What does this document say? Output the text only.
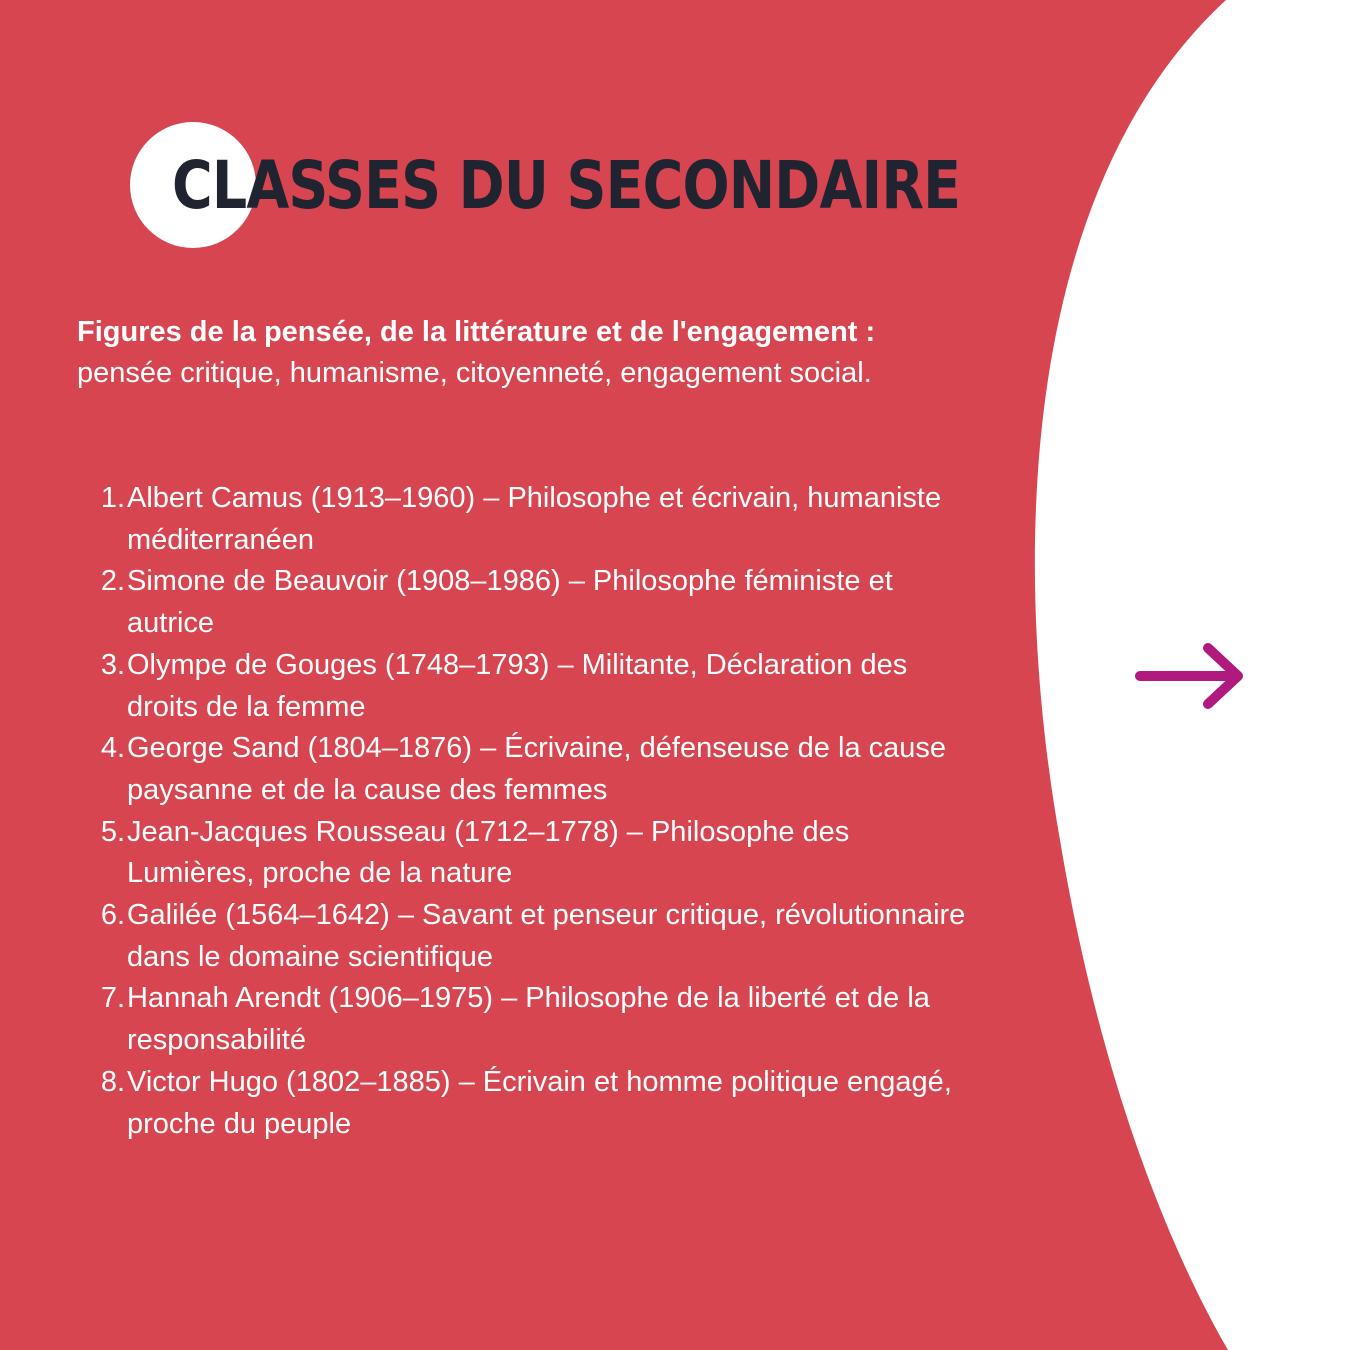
CLASSES DU SECONDAIRE
Figures de la pensée, de la littérature et de l'engagement :
pensée critique, humanisme, citoyenneté, engagement social.
1. Albert Camus (1913–1960) – Philosophe et écrivain, humaniste méditerranéen
2. Simone de Beauvoir (1908–1986) – Philosophe féministe et autrice
3. Olympe de Gouges (1748–1793) – Militante, Déclaration des droits de la femme
4. George Sand (1804–1876) – Écrivaine, défenseuse de la cause paysanne et de la cause des femmes
5. Jean-Jacques Rousseau (1712–1778) – Philosophe des Lumières, proche de la nature
6. Galilée (1564–1642) – Savant et penseur critique, révolutionnaire dans le domaine scientifique
7. Hannah Arendt (1906–1975) – Philosophe de la liberté et de la responsabilité
8. Victor Hugo (1802–1885) – Écrivain et homme politique engagé, proche du peuple
